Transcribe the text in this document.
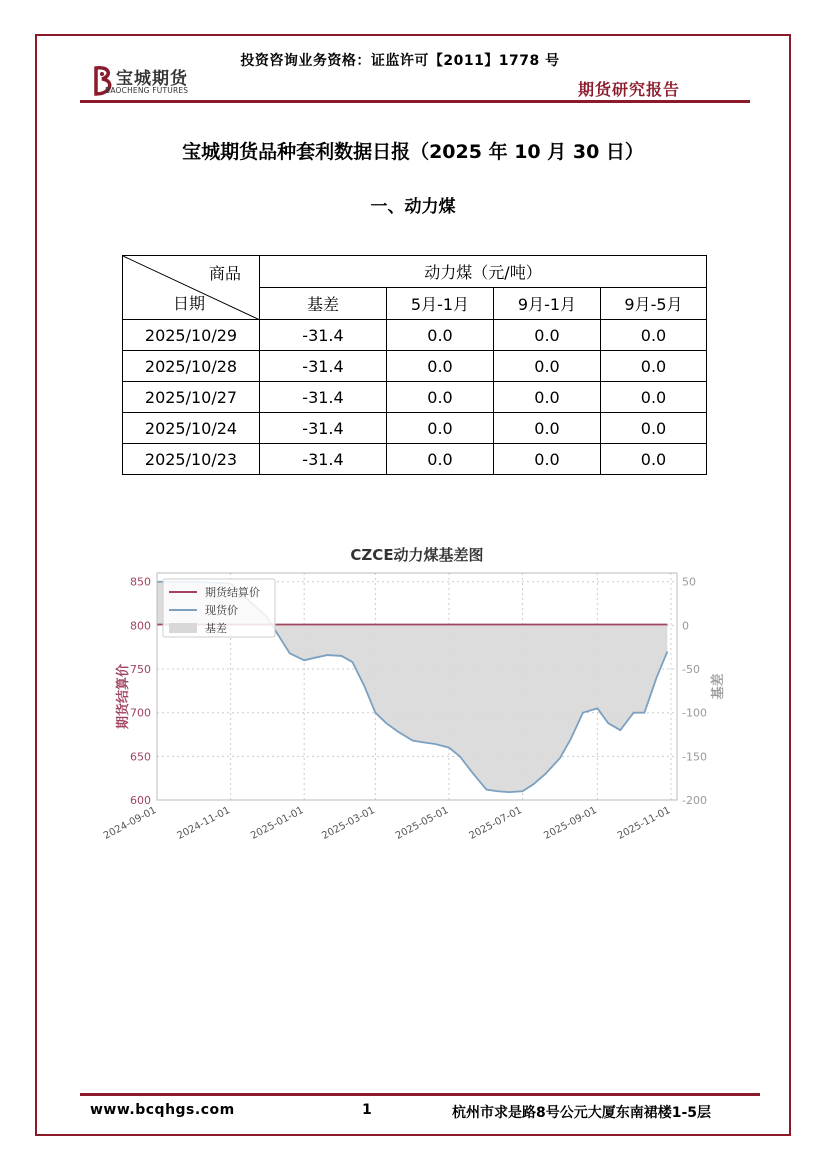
投资咨询业务资格：证监许可【2011】1778 号
宝城期货
BAOCHENG FUTURES	期货研究报告
宝城期货品种套利数据日报（2025 年 10 月 30 日）
一、动力煤
商品
日期	动力煤（元/吨）			
	基差	5月-1月	9月-1月	9月-5月
2025/10/29	-31.4	0.0	0.0	0.0
2025/10/28	-31.4	0.0	0.0	0.0
2025/10/27	-31.4	0.0	0.0	0.0
2025/10/24	-31.4	0.0	0.0	0.0
2025/10/23	-31.4	0.0	0.0	0.0
CZCE动力煤基差图
600
650
700
750
800
850
-200
-150
-100
-50
0
50
2024-09-01 2024-11-01 2025-01-01 2025-03-01 2025-05-01 2025-07-01 2025-09-01 2025-11-01
期货结算价	基差
期货结算价
现货价
基差
www.bcqhgs.com	1	杭州市求是路8号公元大厦东南裙楼1-5层
